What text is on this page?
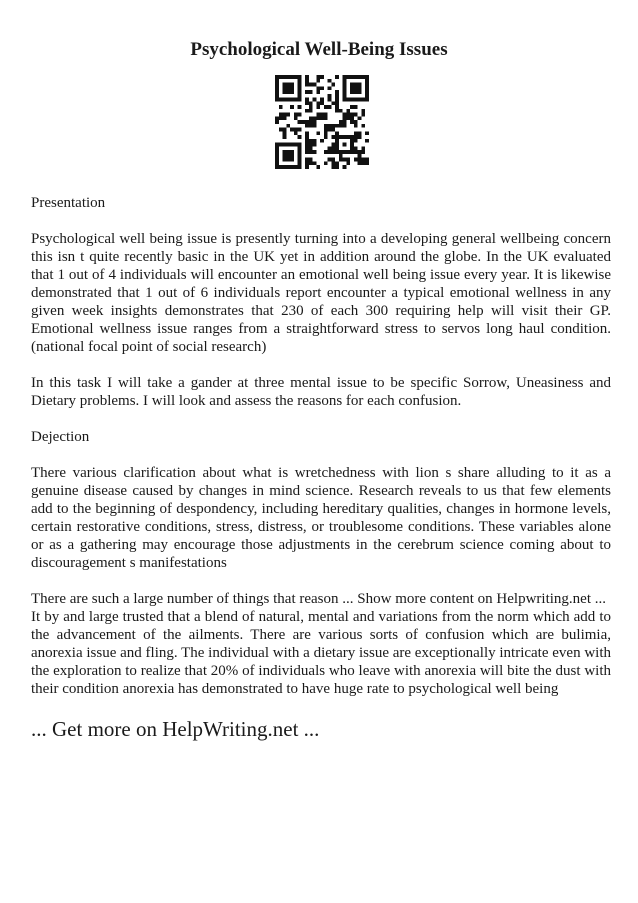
Psychological Well-Being Issues

Presentation

Psychological well being issue is presently turning into a developing general wellbeing concern this isn t quite recently basic in the UK yet in addition around the globe. In the UK evaluated that 1 out of 4 individuals will encounter an emotional well being issue every year. It is likewise demonstrated that 1 out of 6 individuals report encounter a typical emotional wellness in any given week insights demonstrates that 230 of each 300 requiring help will visit their GP. Emotional wellness issue ranges from a straightforward stress to servos long haul condition. (national focal point of social research)

In this task I will take a gander at three mental issue to be specific Sorrow, Uneasiness and Dietary problems. I will look and assess the reasons for each confusion.

Dejection

There various clarification about what is wretchedness with lion s share alluding to it as a genuine disease caused by changes in mind science. Research reveals to us that few elements add to the beginning of despondency, including hereditary qualities, changes in hormone levels, certain restorative conditions, stress, distress, or troublesome conditions. These variables alone or as a gathering may encourage those adjustments in the cerebrum science coming about to discouragement s manifestations

There are such a large number of things that reason ... Show more content on Helpwriting.net ...

It by and large trusted that a blend of natural, mental and variations from the norm which add to the advancement of the ailments. There are various sorts of confusion which are bulimia, anorexia issue and fling. The individual with a dietary issue are exceptionally intricate even with the exploration to realize that 20% of individuals who leave with anorexia will bite the dust with their condition anorexia has demonstrated to have huge rate to psychological well being

... Get more on HelpWriting.net ...
